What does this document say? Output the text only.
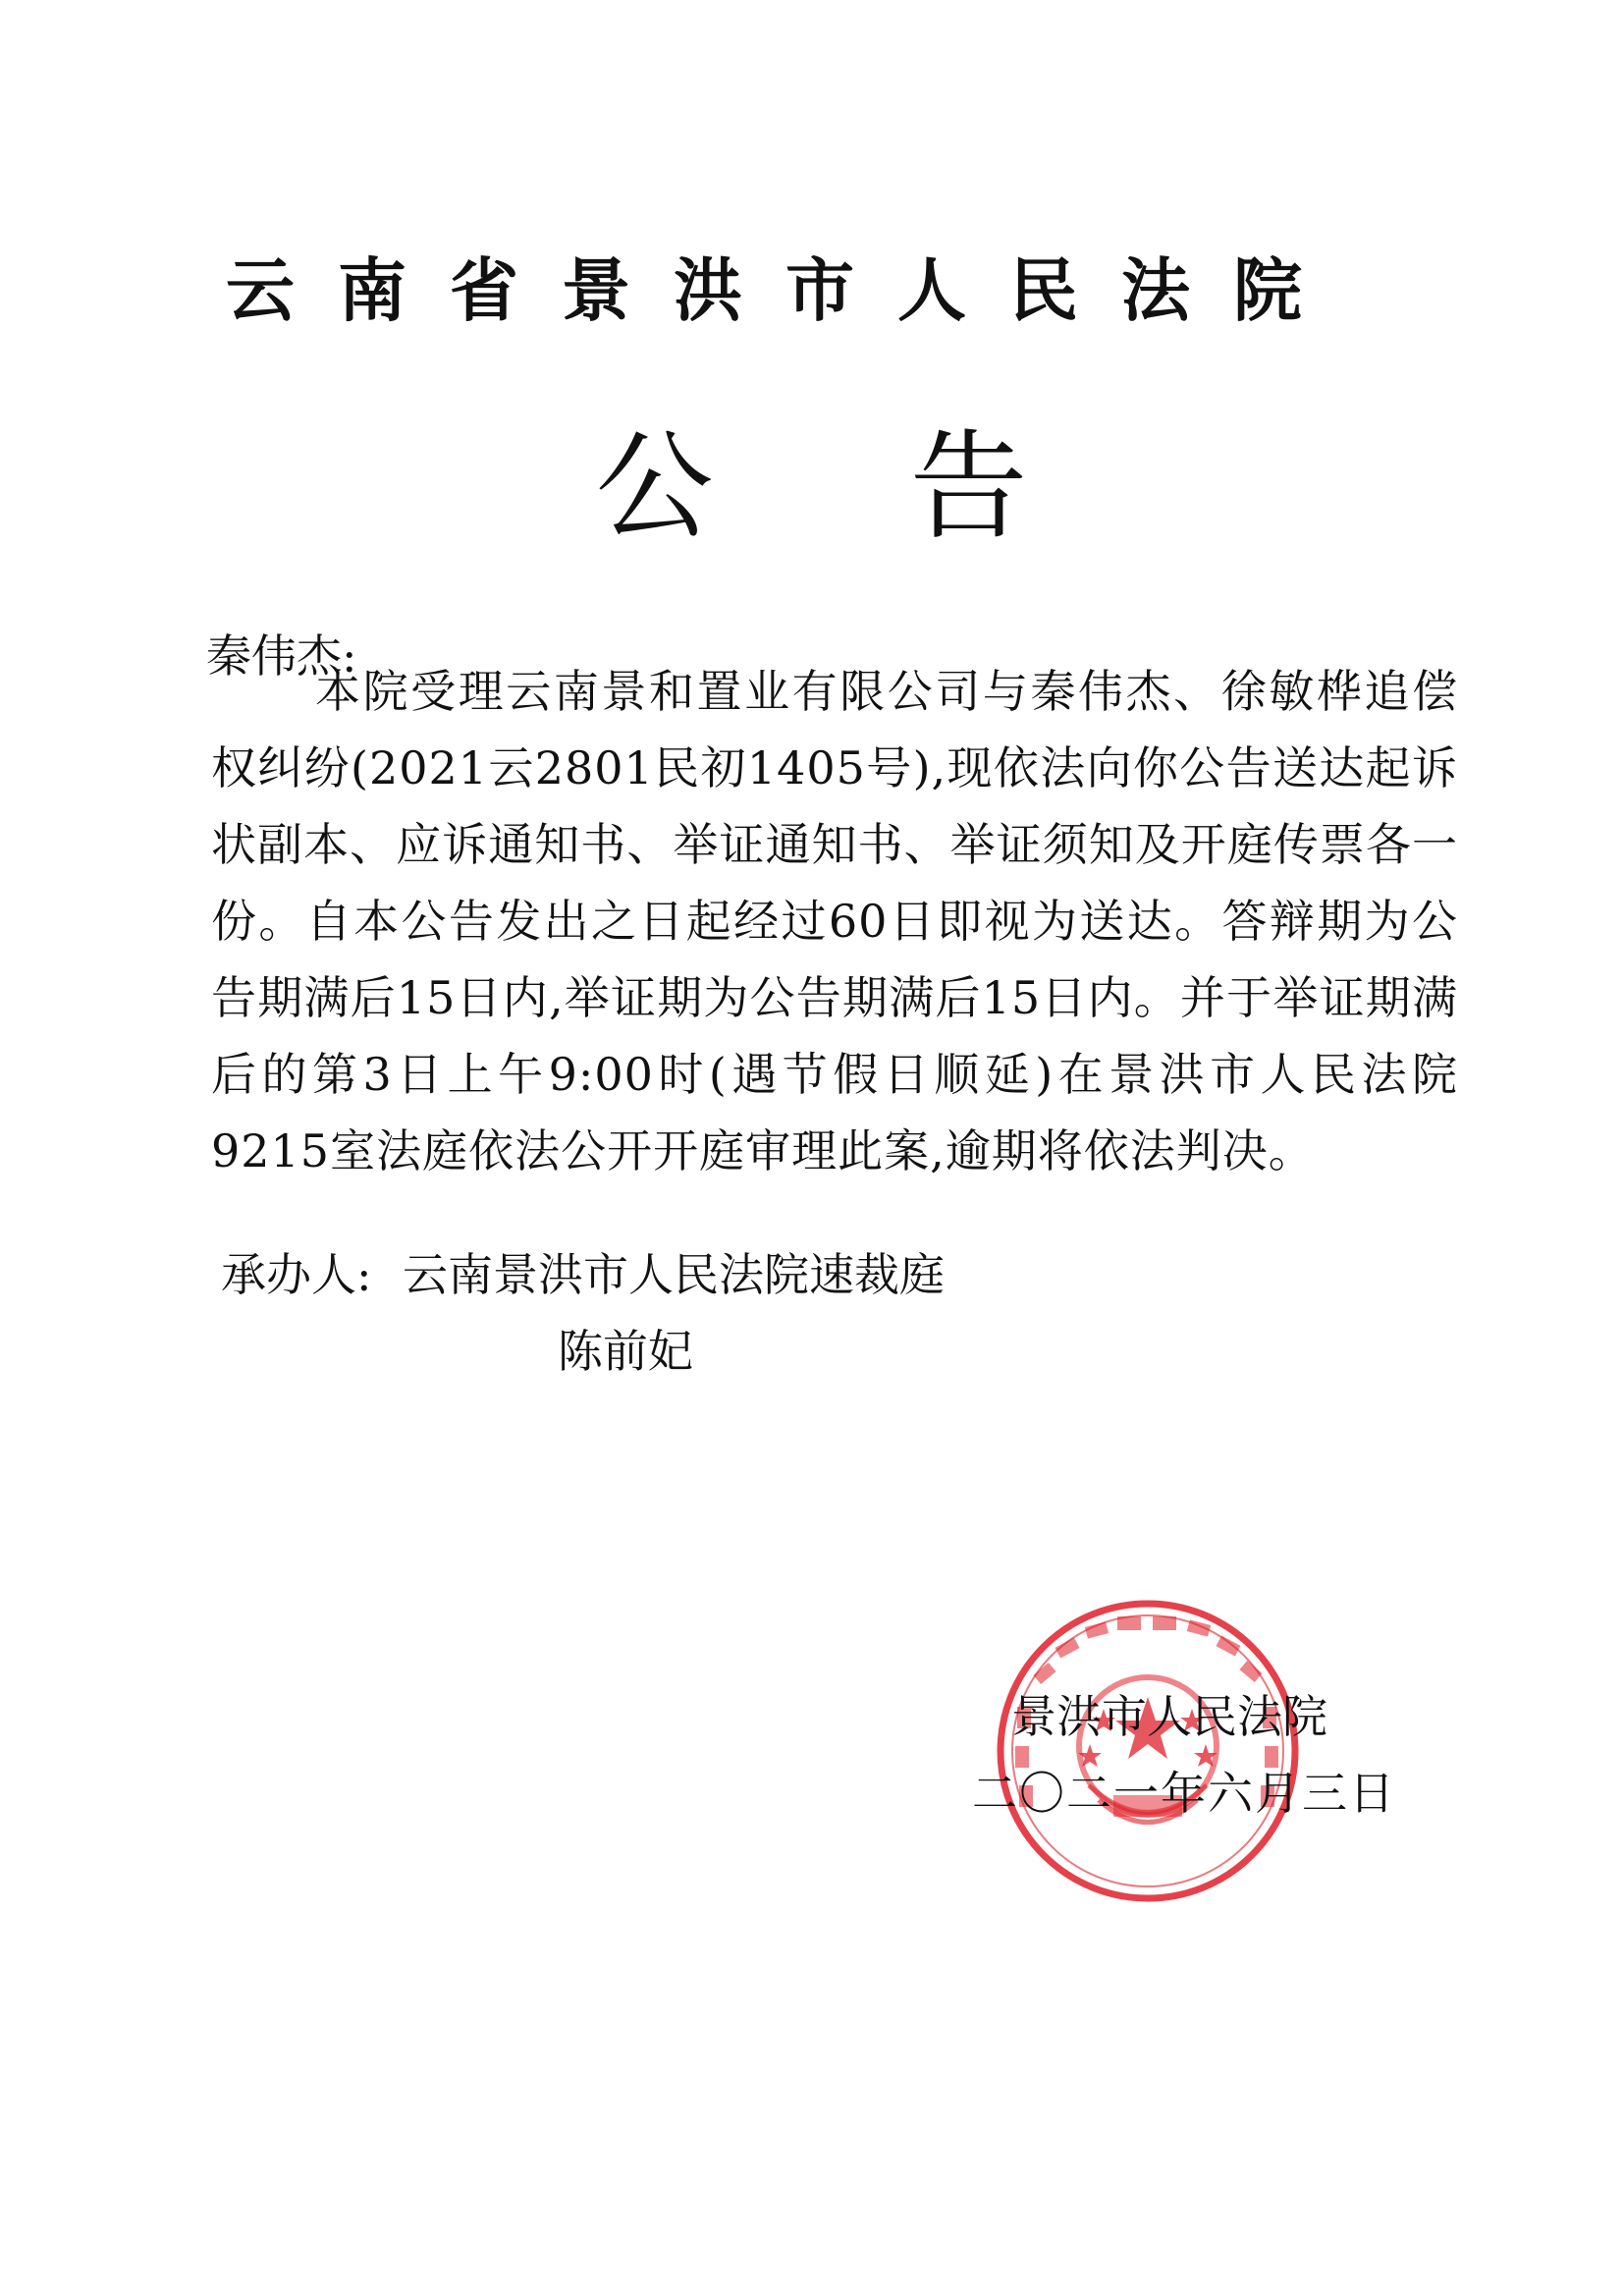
云南省景洪市人民法院
公告
秦伟杰:
本院受理云南景和置业有限公司与秦伟杰、徐敏桦追偿权纠纷(2021云2801民初1405号),现依法向你公告送达起诉状副本、应诉通知书、举证通知书、举证须知及开庭传票各一份。自本公告发出之日起经过60日即视为送达。答辩期为公告期满后15日内,举证期为公告期满后15日内。并于举证期满后的第3日上午9:00时(遇节假日顺延)在景洪市人民法院9215室法庭依法公开开庭审理此案,逾期将依法判决。
承办人: 云南景洪市人民法院速裁庭
陈前妃
景洪市人民法院
二〇二一年六月三日
